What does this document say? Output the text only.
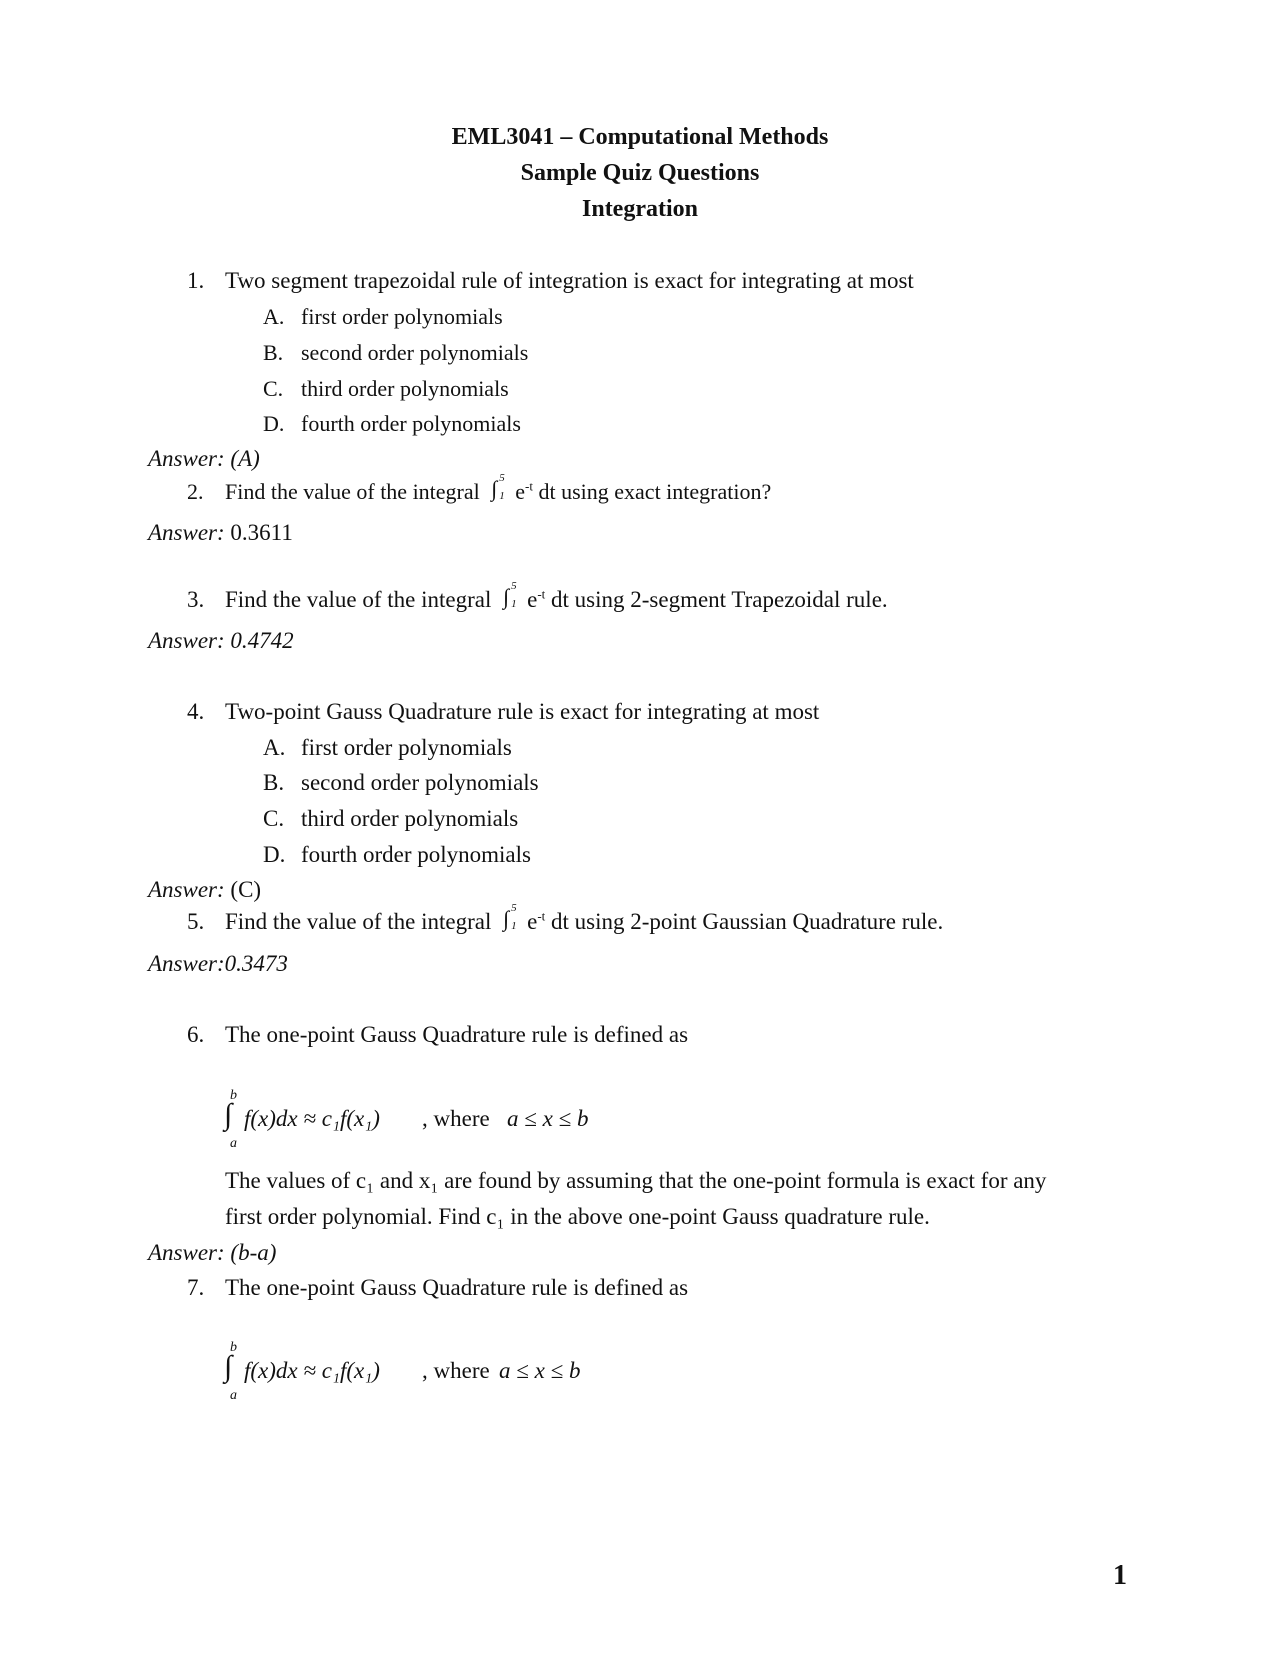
EML3041 – Computational Methods
Sample Quiz Questions
Integration
1. Two segment trapezoidal rule of integration is exact for integrating at most
A. first order polynomials
B. second order polynomials
C. third order polynomials
D. fourth order polynomials
Answer: (A)
2. Find the value of the integral ∫ 5
1 $e^{-t}$ dt using exact integration?
Answer: 0.3611
3. Find the value of the integral ∫ 5
1 $e^{-t}$ dt using 2-segment Trapezoidal rule.
Answer: 0.4742
4. Two-point Gauss Quadrature rule is exact for integrating at most
A. first order polynomials
B. second order polynomials
C. third order polynomials
D. fourth order polynomials
Answer: (C)
5. Find the value of the integral ∫ 5
1 $e^{-t}$ dt using 2-point Gaussian Quadrature rule.
Answer:0.3473
6. The one-point Gauss Quadrature rule is defined as
b
∫
a
f(x)dx ≈ c₁f(x₁) , where a ≤ x ≤ b
The values of c₁ and x₁ are found by assuming that the one-point formula is exact for any
first order polynomial. Find c₁ in the above one-point Gauss quadrature rule.
Answer: (b-a)
7. The one-point Gauss Quadrature rule is defined as
b
∫
a
f(x)dx ≈ c₁f(x₁) , where a ≤ x ≤ b
1
